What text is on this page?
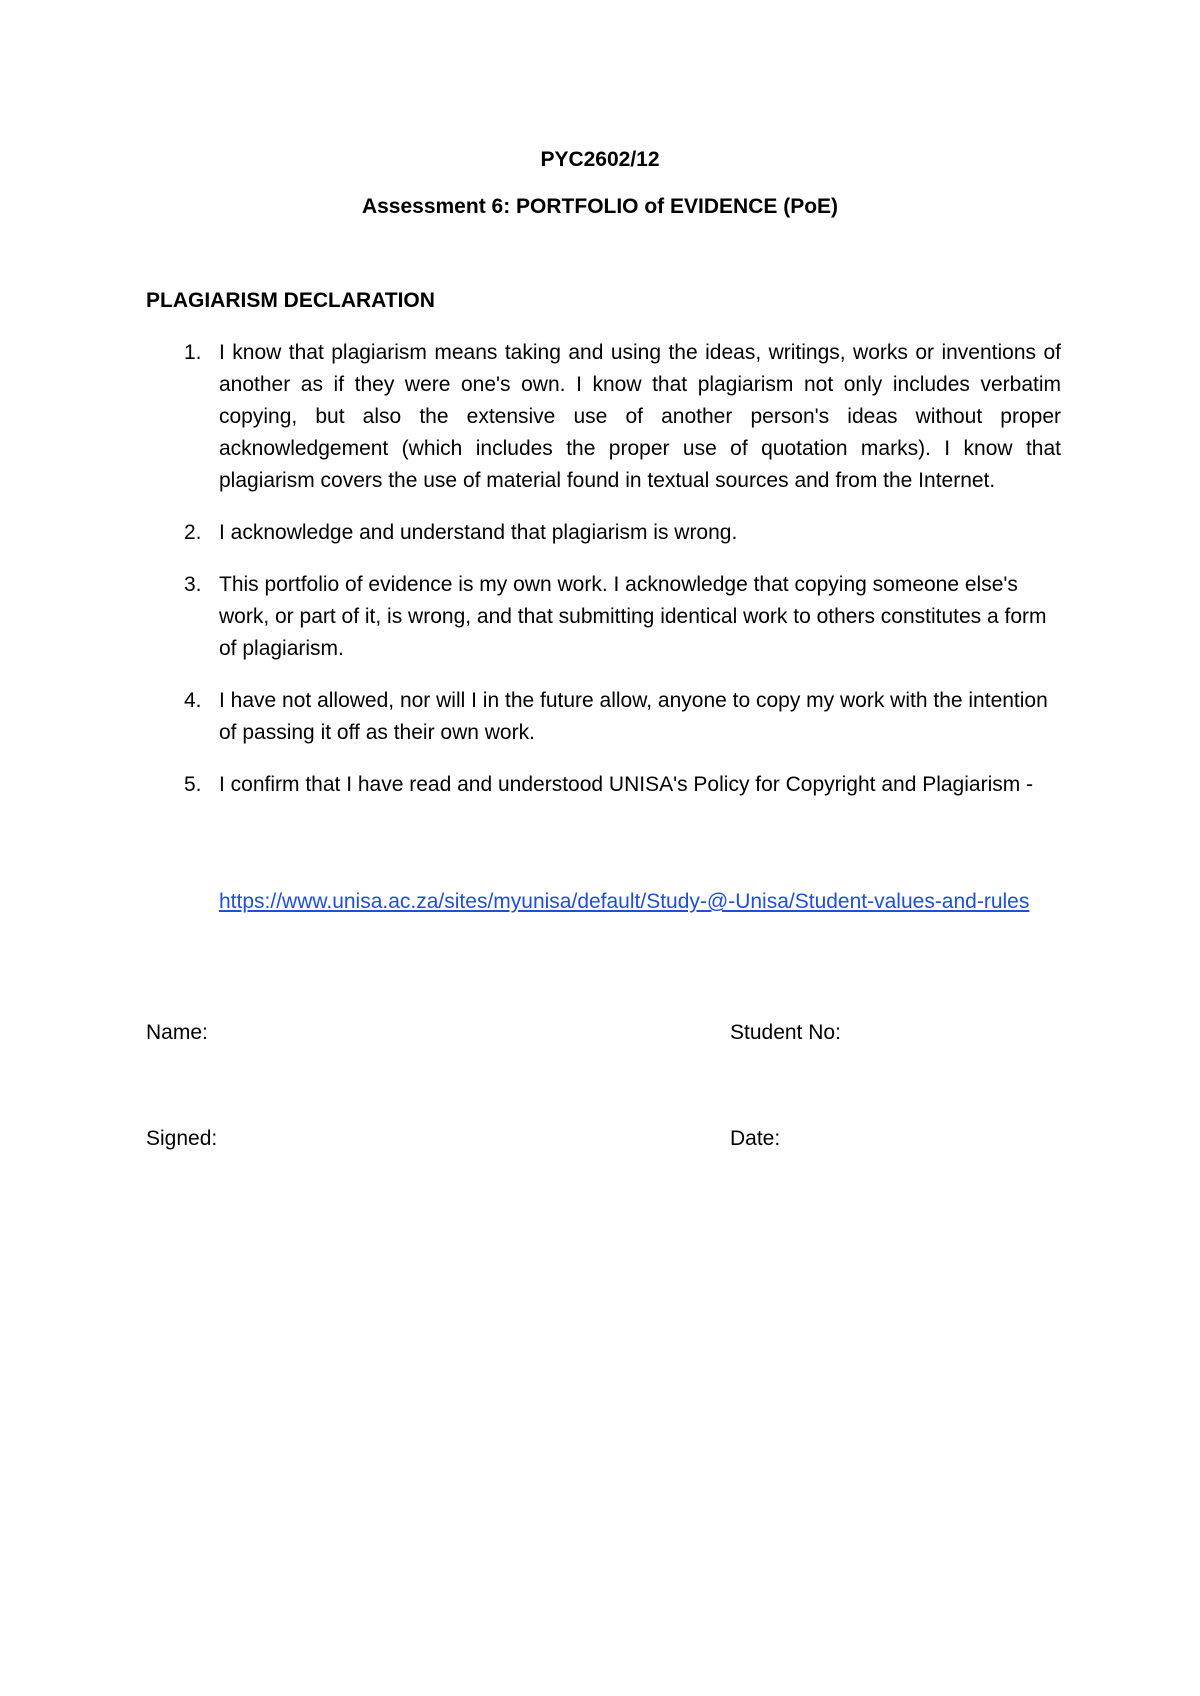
PYC2602/12
Assessment 6: PORTFOLIO of EVIDENCE (PoE)
PLAGIARISM DECLARATION
1. I know that plagiarism means taking and using the ideas, writings, works or inventions of another as if they were one's own. I know that plagiarism not only includes verbatim copying, but also the extensive use of another person's ideas without proper acknowledgement (which includes the proper use of quotation marks). I know that plagiarism covers the use of material found in textual sources and from the Internet.
2. I acknowledge and understand that plagiarism is wrong.
3. This portfolio of evidence is my own work. I acknowledge that copying someone else's work, or part of it, is wrong, and that submitting identical work to others constitutes a form of plagiarism.
4. I have not allowed, nor will I in the future allow, anyone to copy my work with the intention of passing it off as their own work.
5. I confirm that I have read and understood UNISA's Policy for Copyright and Plagiarism -
https://www.unisa.ac.za/sites/myunisa/default/Study-@-Unisa/Student-values-and-rules
Name:	Student No:
Signed:	Date:
